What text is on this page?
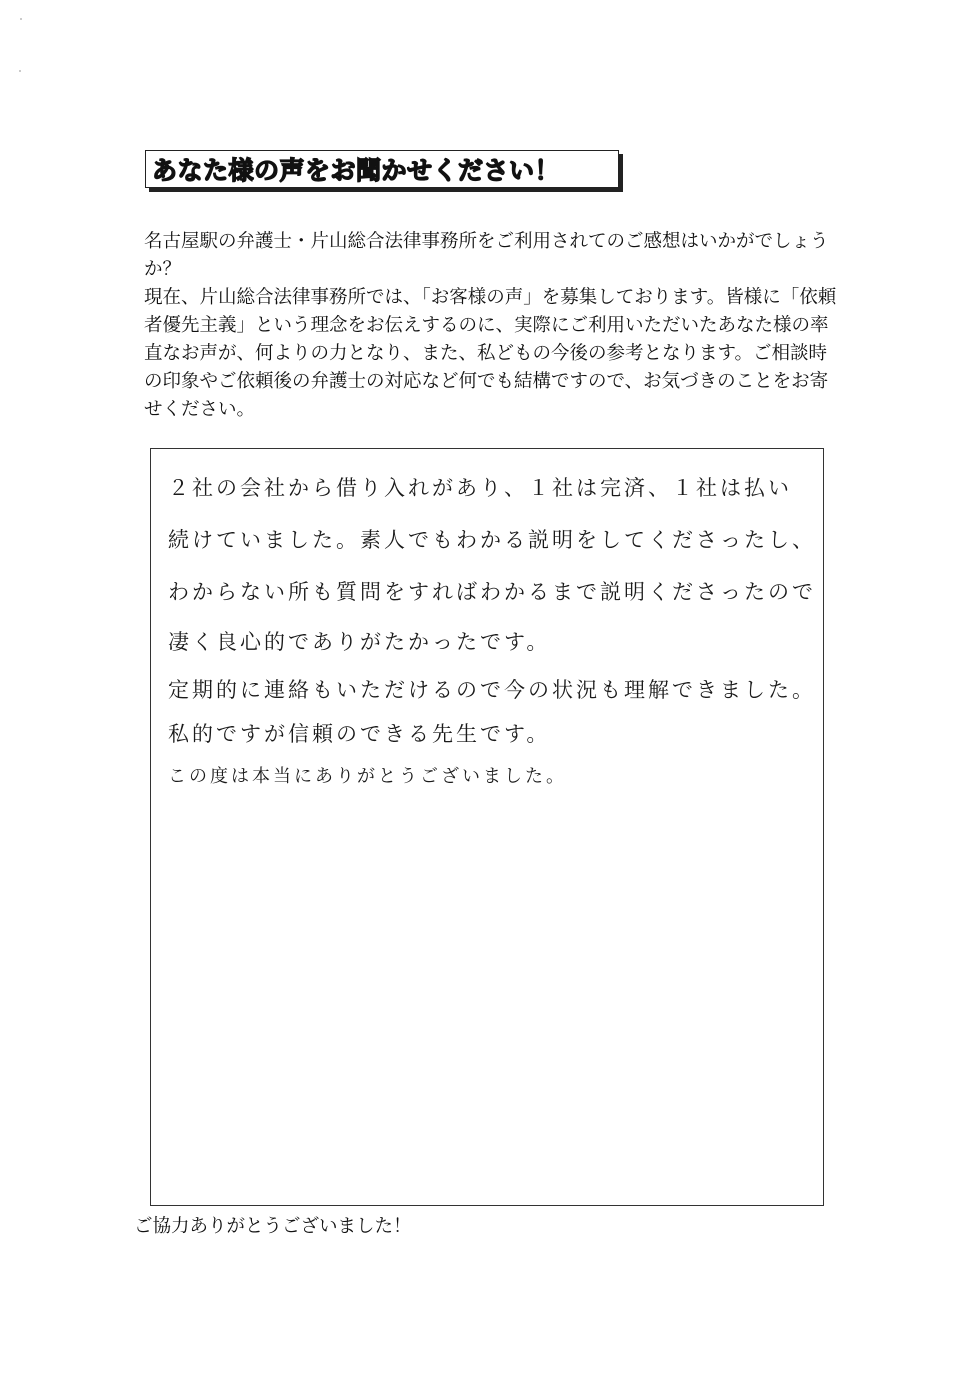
あなた様の声をお聞かせください！

名古屋駅の弁護士・片山総合法律事務所をご利用されてのご感想はいかがでしょうか？

現在、片山総合法律事務所では、「お客様の声」を募集しております。皆様に「依頼者優先主義」という理念をお伝えするのに、実際にご利用いただいたあなた様の率直なお声が、何よりの力となり、また、私どもの今後の参考となります。ご相談時の印象やご依頼後の弁護士の対応など何でも結構ですので、お気づきのことをお寄せください。

２社の会社から借り入れがあり、１社は完済、１社は払い
続けていました。素人でもわかる説明をしてくださったし、
わからない所も質問をすればわかるまで説明くださったので
凄く良心的でありがたかったです。
定期的に連絡もいただけるので今の状況も理解できました。
私的ですが信頼のできる先生です。
この度は本当にありがとうございました。
ご協力ありがとうございました！
